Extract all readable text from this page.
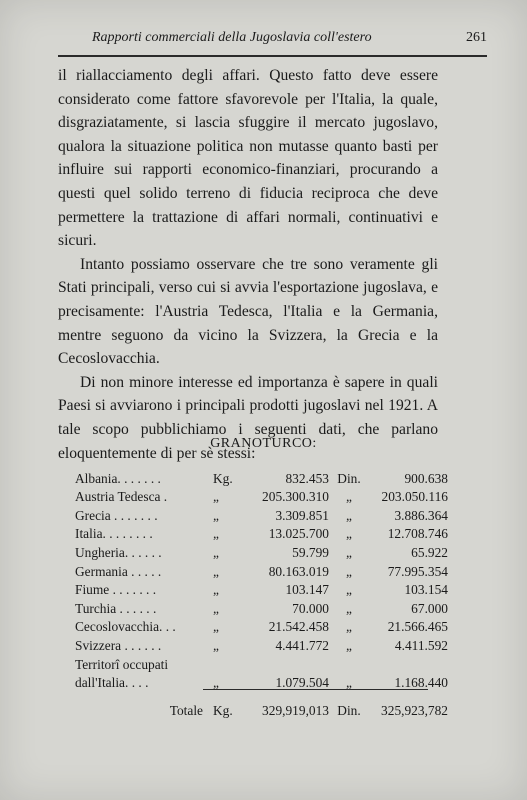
Rapporti commerciali della Jugoslavia coll'estero	261

il riallacciamento degli affari. Questo fatto deve essere considerato come fattore sfavorevole per l'Italia, la quale, disgraziatamente, si lascia sfuggire il mercato jugoslavo, qualora la situazione politica non mutasse quanto basti per influire sui rapporti economico-finanziari, procurando a questi quel solido terreno di fiducia reciproca che deve permettere la trattazione di affari normali, continuativi e sicuri.

Intanto possiamo osservare che tre sono veramente gli Stati principali, verso cui si avvia l'esportazione jugoslava, e precisamente: l'Austria Tedesca, l'Italia e la Germania, mentre seguono da vicino la Svizzera, la Grecia e la Cecoslovacchia.

Di non minore interesse ed importanza è sapere in quali Paesi si avviarono i principali prodotti jugoslavi nel 1921. A tale scopo pubblichiamo i seguenti dati, che parlano eloquentemente di per sè stessi:

GRANOTURCO:
Albania. . . . . . .	Kg.	832.453	Din.	900.638
Austria Tedesca .	„	205.300.310	„	203.050.116
Grecia . . . . . . .	„	3.309.851	„	3.886.364
Italia. . . . . . . .	„	13.025.700	„	12.708.746
Ungheria. . . . . .	„	59.799	„	65.922
Germania . . . . .	„	80.163.019	„	77.995.354
Fiume . . . . . . .	„	103.147	„	103.154
Turchia . . . . . .	„	70.000	„	67.000
Cecoslovacchia. . .	„	21.542.458	„	21.566.465
Svizzera . . . . . .	„	4.441.772	„	4.411.592
Territorî occupati				
dall'Italia. . . .	„	1.079.504	„	1.168.440
Totale	Kg.	329,919,013	Din.	325,923,782
